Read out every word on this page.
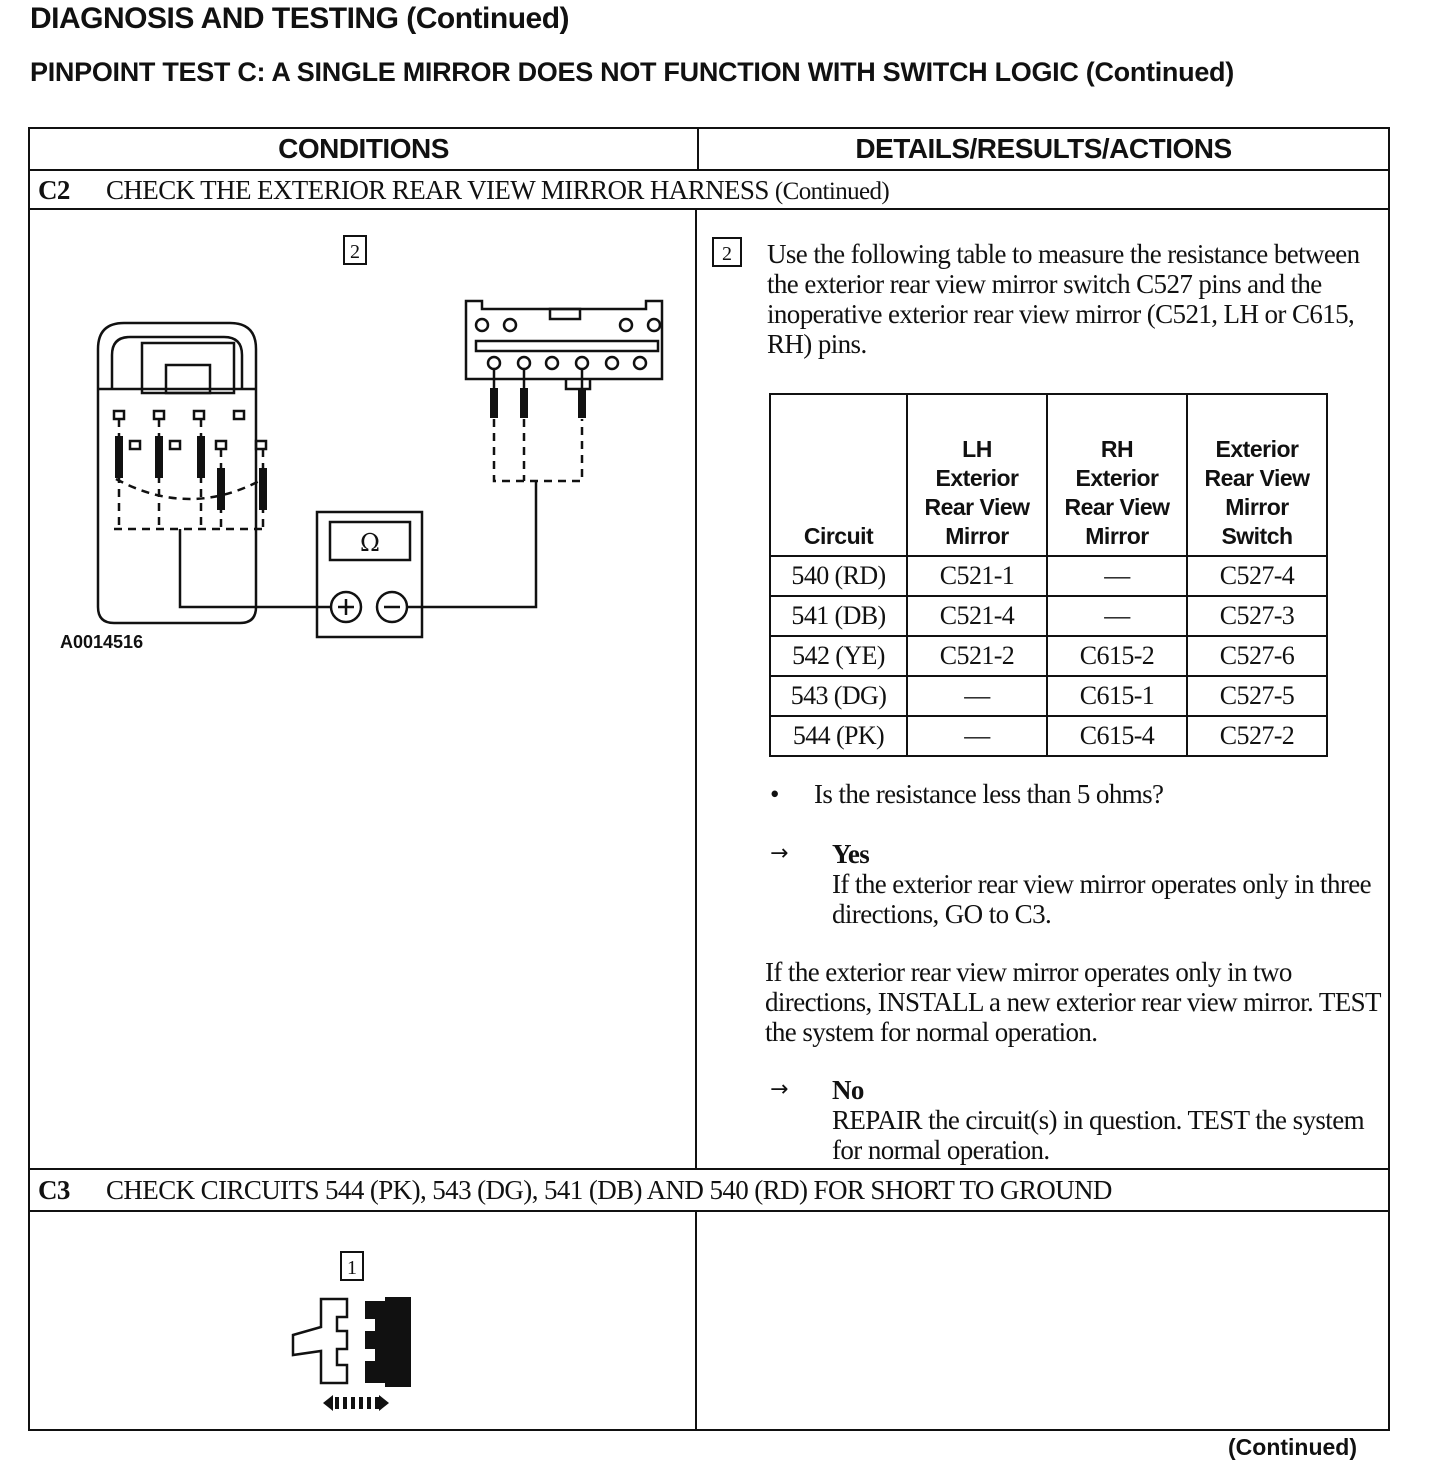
DIAGNOSIS AND TESTING (Continued)
PINPOINT TEST C: A SINGLE MIRROR DOES NOT FUNCTION WITH SWITCH LOGIC (Continued)
CONDITIONS	DETAILS/RESULTS/ACTIONS
C2 CHECK THE EXTERIOR REAR VIEW MIRROR HARNESS (Continued)
2
Ω
A0014516
2	Use the following table to measure the resistance between the exterior rear view mirror switch C527 pins and the inoperative exterior rear view mirror (C521, LH or C615, RH) pins.
Circuit	LH Exterior Rear View Mirror	RH Exterior Rear View Mirror	Exterior Rear View Mirror Switch
540 (RD)	C521-1	—	C527-4
541 (DB)	C521-4	—	C527-3
542 (YE)	C521-2	C615-2	C527-6
543 (DG)	—	C615-1	C527-5
544 (PK)	—	C615-4	C527-2
• Is the resistance less than 5 ohms?
→ Yes
If the exterior rear view mirror operates only in three directions, GO to C3.
If the exterior rear view mirror operates only in two directions, INSTALL a new exterior rear view mirror. TEST the system for normal operation.
→ No
REPAIR the circuit(s) in question. TEST the system for normal operation.
C3 CHECK CIRCUITS 544 (PK), 543 (DG), 541 (DB) AND 540 (RD) FOR SHORT TO GROUND
1
(Continued)
